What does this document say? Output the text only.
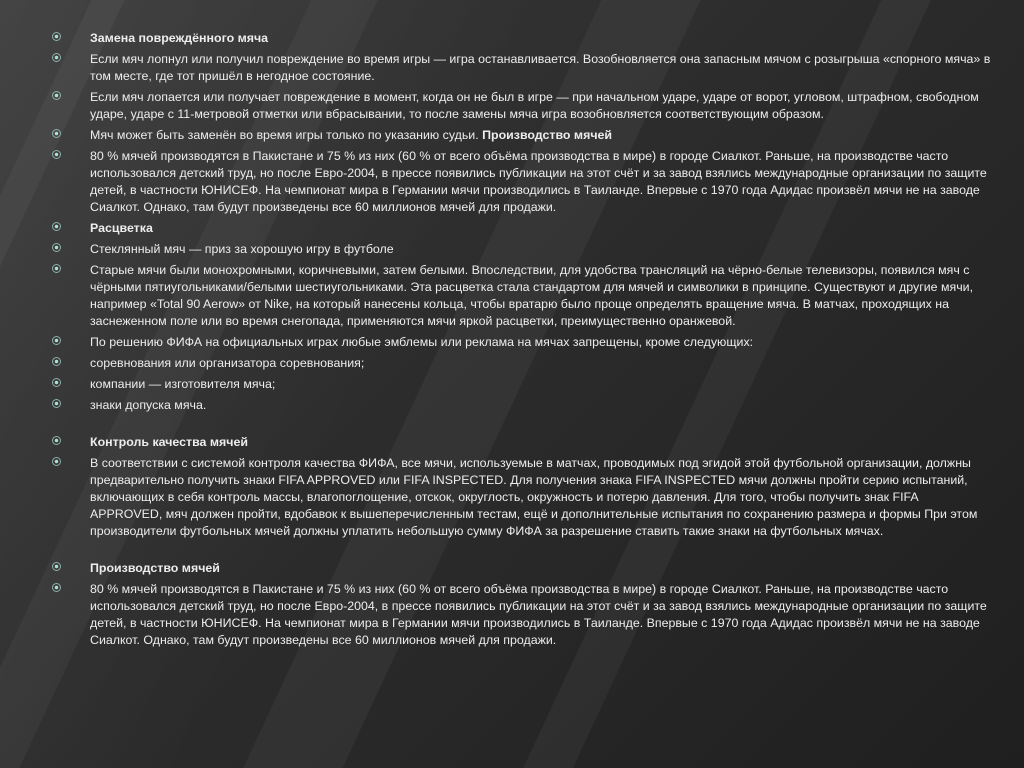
Замена повреждённого мяча
Если мяч лопнул или получил повреждение во время игры — игра останавливается. Возобновляется она запасным мячом с розыгрыша «спорного мяча» в том месте, где тот пришёл в негодное состояние.
Если мяч лопается или получает повреждение в момент, когда он не был в игре — при начальном ударе, ударе от ворот, угловом, штрафном, свободном ударе, ударе с 11-метровой отметки или вбрасывании, то после замены мяча игра возобновляется соответствующим образом.
Мяч может быть заменён во время игры только по указанию судьи. Производство мячей
80 % мячей производятся в Пакистане и 75 % из них (60 % от всего объёма производства в мире) в городе Сиалкот. Раньше, на производстве часто использовался детский труд, но после Евро-2004, в прессе появились публикации на этот счёт и за завод взялись международные организации по защите детей, в частности ЮНИСЕФ. На чемпионат мира в Германии мячи производились в Таиланде. Впервые с 1970 года Адидас произвёл мячи не на заводе Сиалкот. Однако, там будут произведены все 60 миллионов мячей для продажи.
Расцветка
Стеклянный мяч — приз за хорошую игру в футболе
Старые мячи были монохромными, коричневыми, затем белыми. Впоследствии, для удобства трансляций на чёрно-белые телевизоры, появился мяч с чёрными пятиугольниками/белыми шестиугольниками. Эта расцветка стала стандартом для мячей и символики в принципе. Существуют и другие мячи, например «Total 90 Aerow» от Nike, на который нанесены кольца, чтобы вратарю было проще определять вращение мяча. В матчах, проходящих на заснеженном поле или во время снегопада, применяются мячи яркой расцветки, преимущественно оранжевой.
По решению ФИФА на официальных играх любые эмблемы или реклама на мячах запрещены, кроме следующих:
соревнования или организатора соревнования;
компании — изготовителя мяча;
знаки допуска мяча.
Контроль качества мячей
В соответствии с системой контроля качества ФИФА, все мячи, используемые в матчах, проводимых под эгидой этой футбольной организации, должны предварительно получить знаки FIFA APPROVED или FIFA INSPECTED. Для получения знака FIFA INSPECTED мячи должны пройти серию испытаний, включающих в себя контроль массы, влагопоглощение, отскок, округлость, окружность и потерю давления. Для того, чтобы получить знак FIFA APPROVED, мяч должен пройти, вдобавок к вышеперечисленным тестам, ещё и дополнительные испытания по сохранению размера и формы При этом производители футбольных мячей должны уплатить небольшую сумму ФИФА за разрешение ставить такие знаки на футбольных мячах.
Производство мячей
80 % мячей производятся в Пакистане и 75 % из них (60 % от всего объёма производства в мире) в городе Сиалкот. Раньше, на производстве часто использовался детский труд, но после Евро-2004, в прессе появились публикации на этот счёт и за завод взялись международные организации по защите детей, в частности ЮНИСЕФ. На чемпионат мира в Германии мячи производились в Таиланде. Впервые с 1970 года Адидас произвёл мячи не на заводе Сиалкот. Однако, там будут произведены все 60 миллионов мячей для продажи.
